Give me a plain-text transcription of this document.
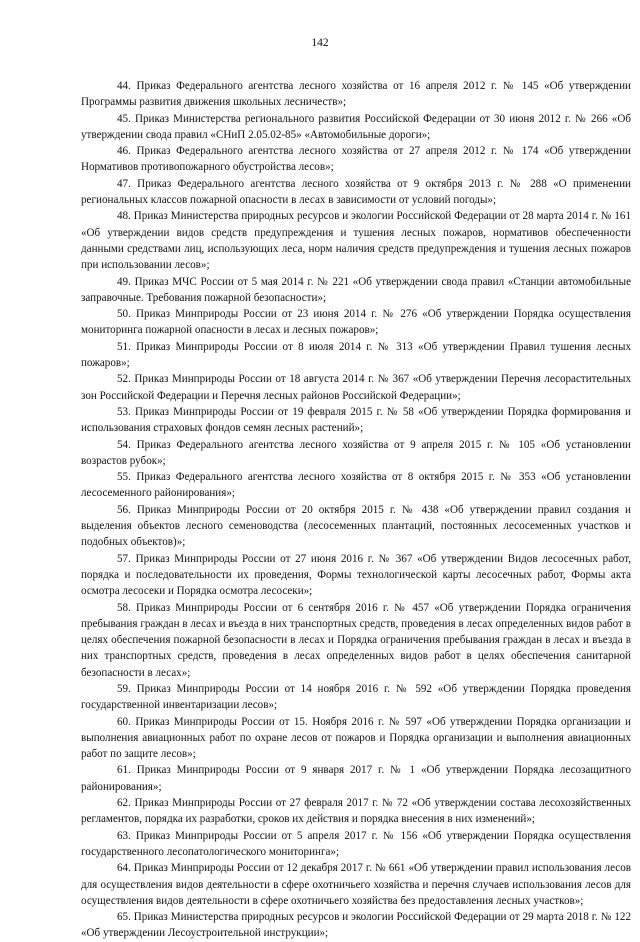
142

44. Приказ Федерального агентства лесного хозяйства от 16 апреля 2012 г. № 145 «Об утверждении Программы развития движения школьных лесничеств»;

45. Приказ Министерства регионального развития Российской Федерации от 30 июня 2012 г. № 266 «Об утверждении свода правил «СНиП 2.05.02-85» «Автомобильные дороги»;

46. Приказ Федерального агентства лесного хозяйства от 27 апреля 2012 г. № 174 «Об утверждении Нормативов противопожарного обустройства лесов»;

47. Приказ Федерального агентства лесного хозяйства от 9 октября 2013 г. № 288 «О применении региональных классов пожарной опасности в лесах в зависимости от условий погоды»;

48. Приказ Министерства природных ресурсов и экологии Российской Федерации от 28 марта 2014 г. № 161 «Об утверждении видов средств предупреждения и тушения лесных пожаров, нормативов обеспеченности данными средствами лиц, использующих леса, норм наличия средств предупреждения и тушения лесных пожаров при использовании лесов»;

49. Приказ МЧС России от 5 мая 2014 г. № 221 «Об утверждении свода правил «Станции автомобильные заправочные. Требования пожарной безопасности»;

50. Приказ Минприроды России от 23 июня 2014 г. № 276 «Об утверждении Порядка осуществления мониторинга пожарной опасности в лесах и лесных пожаров»;

51. Приказ Минприроды России от 8 июля 2014 г. № 313 «Об утверждении Правил тушения лесных пожаров»;

52. Приказ Минприроды России от 18 августа 2014 г. № 367 «Об утверждении Перечня лесорастительных зон Российской Федерации и Перечня лесных районов Российской Федерации»;

53. Приказ Минприроды России от 19 февраля 2015 г. № 58 «Об утверждении Порядка формирования и использования страховых фондов семян лесных растений»;

54. Приказ Федерального агентства лесного хозяйства от 9 апреля 2015 г. № 105 «Об установлении возрастов рубок»;

55. Приказ Федерального агентства лесного хозяйства от 8 октября 2015 г. № 353 «Об установлении лесосеменного районирования»;

56. Приказ Минприроды России от 20 октября 2015 г. № 438 «Об утверждении правил создания и выделения объектов лесного семеноводства (лесосеменных плантаций, постоянных лесосеменных участков и подобных объектов)»;

57. Приказ Минприроды России от 27 июня 2016 г. № 367 «Об утверждении Видов лесосечных работ, порядка и последовательности их проведения, Формы технологической карты лесосечных работ, Формы акта осмотра лесосеки и Порядка осмотра лесосеки»;

58. Приказ Минприроды России от 6 сентября 2016 г. № 457 «Об утверждении Порядка ограничения пребывания граждан в лесах и въезда в них транспортных средств, проведения в лесах определенных видов работ в целях обеспечения пожарной безопасности в лесах и Порядка ограничения пребывания граждан в лесах и въезда в них транспортных средств, проведения в лесах определенных видов работ в целях обеспечения санитарной безопасности в лесах»;

59. Приказ Минприроды России от 14 ноября 2016 г. № 592 «Об утверждении Порядка проведения государственной инвентаризации лесов»;

60. Приказ Минприроды России от 15. Ноября 2016 г. № 597 «Об утверждении Порядка организации и выполнения авиационных работ по охране лесов от пожаров и Порядка организации и выполнения авиационных работ по защите лесов»;

61. Приказ Минприроды России от 9 января 2017 г. № 1 «Об утверждении Порядка лесозащитного районирования»;

62. Приказ Минприроды России от 27 февраля 2017 г. № 72 «Об утверждении состава лесохозяйственных регламентов, порядка их разработки, сроков их действия и порядка внесения в них изменений»;

63. Приказ Минприроды России от 5 апреля 2017 г. № 156 «Об утверждении Порядка осуществления государственного лесопатологического мониторинга»;

64. Приказ Минприроды России от 12 декабря 2017 г. № 661 «Об утверждении правил использования лесов для осуществления видов деятельности в сфере охотничьего хозяйства и перечня случаев использования лесов для осуществления видов деятельности в сфере охотничьего хозяйства без предоставления лесных участков»;

65. Приказ Министерства природных ресурсов и экологии Российской Федерации от 29 марта 2018 г. № 122 «Об утверждении Лесоустроительной инструкции»;
